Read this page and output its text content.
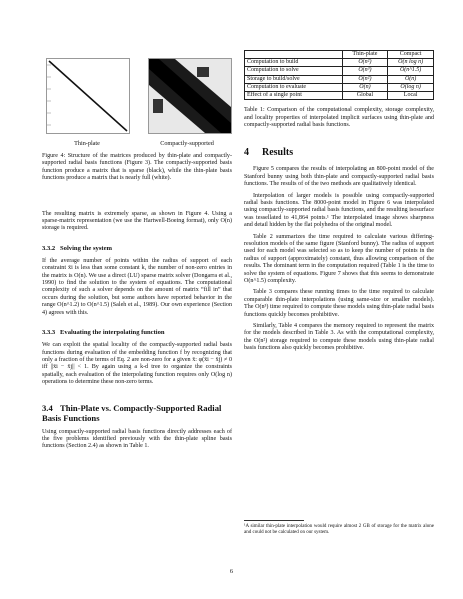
Thin-plate	Compactly-supported

Figure 4: Structure of the matrices produced by thin-plate and compactly-supported radial basis functions (Figure 3). The compactly-supported basis function produce a matrix that is sparse (black), while the thin-plate basis functions produce a matrix that is nearly full (white).

The resulting matrix is extremely sparse, as shown in Figure 4. Using a sparse-matrix representation (we use the Hartwell-Boeing format), only O(n) storage is required.

3.3.2 Solving the system

If the average number of points within the radius of support of each constraint x̄i is less than some constant k, the number of non-zero entries in the matrix is O(n). We use a direct (LU) sparse matrix solver (Dongarra et al., 1990) to find the solution to the system of equations. The computational complexity of such a solver depends on the amount of matrix “fill in” that occurs during the solution, but some authors have reported behavior in the range O(n^1.2) to O(n^1.5) (Saleh et al., 1989). Our own experience (Section 4) agrees with this.

3.3.3 Evaluating the interpolating function

We can exploit the spatial locality of the compactly-supported radial basis functions during evaluation of the embedding function f by recognizing that only a fraction of the terms of Eq. 2 are non-zero for a given x̄: φ(x̄i − x̄j) ≠ 0 iff ||x̄i − x̄j|| < 1. By again using a k-d tree to organize the constraints spatially, each evaluation of the interpolating function requires only O(log n) operations to determine these non-zero terms.

3.4 Thin-Plate vs. Compactly-Supported Radial Basis Functions

Using compactly-supported radial basis functions directly addresses each of the five problems identified previously with the thin-plate spline basis functions (Section 2.4) as shown in Table 1.

	Thin-plate	Compact
Computation to build	O(n²)	O(n log n)
Computation to solve	O(n³)	O(n^1.5)
Storage to build/solve	O(n²)	O(n)
Computation to evaluate	O(n)	O(log n)
Effect of a single point	Global	Local

Table 1: Comparison of the computational complexity, storage complexity, and locality properties of interpolated implicit surfaces using thin-plate and compactly-supported radial basis functions.

4 Results

Figure 5 compares the results of interpolating an 800-point model of the Stanford bunny using both thin-plate and compactly-supported radial basis functions. The results of of the two methods are qualitatively identical.

Interpolation of larger models is possible using compactly-supported radial basis functions. The 8000-point model in Figure 6 was interpolated using compactly-supported radial basis functions, and the resulting isosurface was tessellated to 41,864 points.¹ The interpolated image shows sharpness and detail hidden by the flat polyhedra of the original model.

Table 2 summarizes the time required to calculate various differing-resolution models of the same figure (Stanford bunny). The radius of support used for each model was selected so as to keep the number of points in the radius of support (approximately) constant, thus allowing comparison of the results. The dominant term in the computation required (Table 1 is the time to solve the system of equations. Figure 7 shows that this seems to demonstrate O(n^1.5) complexity.

Table 3 compares these running times to the time required to calculate comparable thin-plate interpolations (using same-size or smaller models). The O(n³) time required to compute these models using thin-plate radial basis functions quickly becomes prohibitive.

Similarly, Table 4 compares the memory required to represent the matrix for the models described in Table 3. As with the computational complexity, the O(n²) storage required to compute these models using thin-plate radial basis functions also quickly becomes prohibitive.

¹A similar thin-plate interpolation would require almost 2 GB of storage for the matrix alone and could not be calculated on our system.

6
